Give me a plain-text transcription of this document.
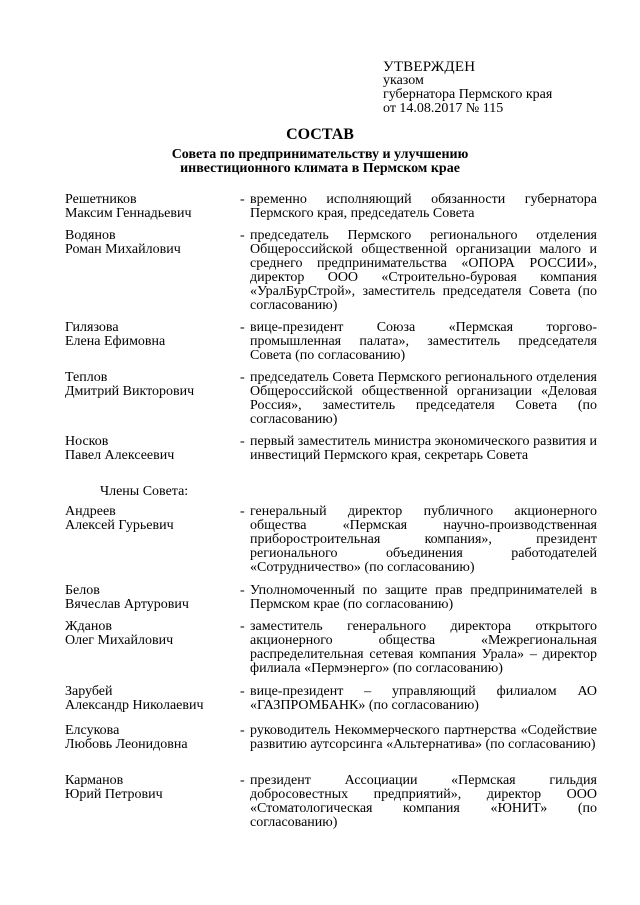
УТВЕРЖДЕН
указом
губернатора Пермского края
от 14.08.2017 № 115
СОСТАВ
Совета по предпринимательству и улучшению
инвестиционного климата в Пермском крае
Решетников
Максим Геннадьевич
- временно исполняющий обязанности губернатора Пермского края, председатель Совета
Водянов
Роман Михайлович
- председатель Пермского регионального отделения Общероссийской общественной организации малого и среднего предпринимательства «ОПОРА РОССИИ», директор ООО «Строительно-буровая компания «УралБурСтрой», заместитель председателя Совета (по согласованию)
Гилязова
Елена Ефимовна
- вице-президент Союза «Пермская торгово-промышленная палата», заместитель председателя Совета (по согласованию)
Теплов
Дмитрий Викторович
- председатель Совета Пермского регионального отделения Общероссийской общественной организации «Деловая Россия», заместитель председателя Совета (по согласованию)
Носков
Павел Алексеевич
- первый заместитель министра экономического развития и инвестиций Пермского края, секретарь Совета
Члены Совета:
Андреев
Алексей Гурьевич
- генеральный директор публичного акционерного общества «Пермская научно-производственная приборостроительная компания», президент регионального объединения работодателей «Сотрудничество» (по согласованию)
Белов
Вячеслав Артурович
- Уполномоченный по защите прав предпринимателей в Пермском крае (по согласованию)
Жданов
Олег Михайлович
- заместитель генерального директора открытого акционерного общества «Межрегиональная распределительная сетевая компания Урала» – директор филиала «Пермэнерго» (по согласованию)
Зарубей
Александр Николаевич
- вице-президент – управляющий филиалом АО «ГАЗПРОМБАНК» (по согласованию)
Елсукова
Любовь Леонидовна
- руководитель Некоммерческого партнерства «Содействие развитию аутсорсинга «Альтернатива» (по согласованию)
Карманов
Юрий Петрович
- президент Ассоциации «Пермская гильдия добросовестных предприятий», директор ООО «Стоматологическая компания «ЮНИТ» (по согласованию)
